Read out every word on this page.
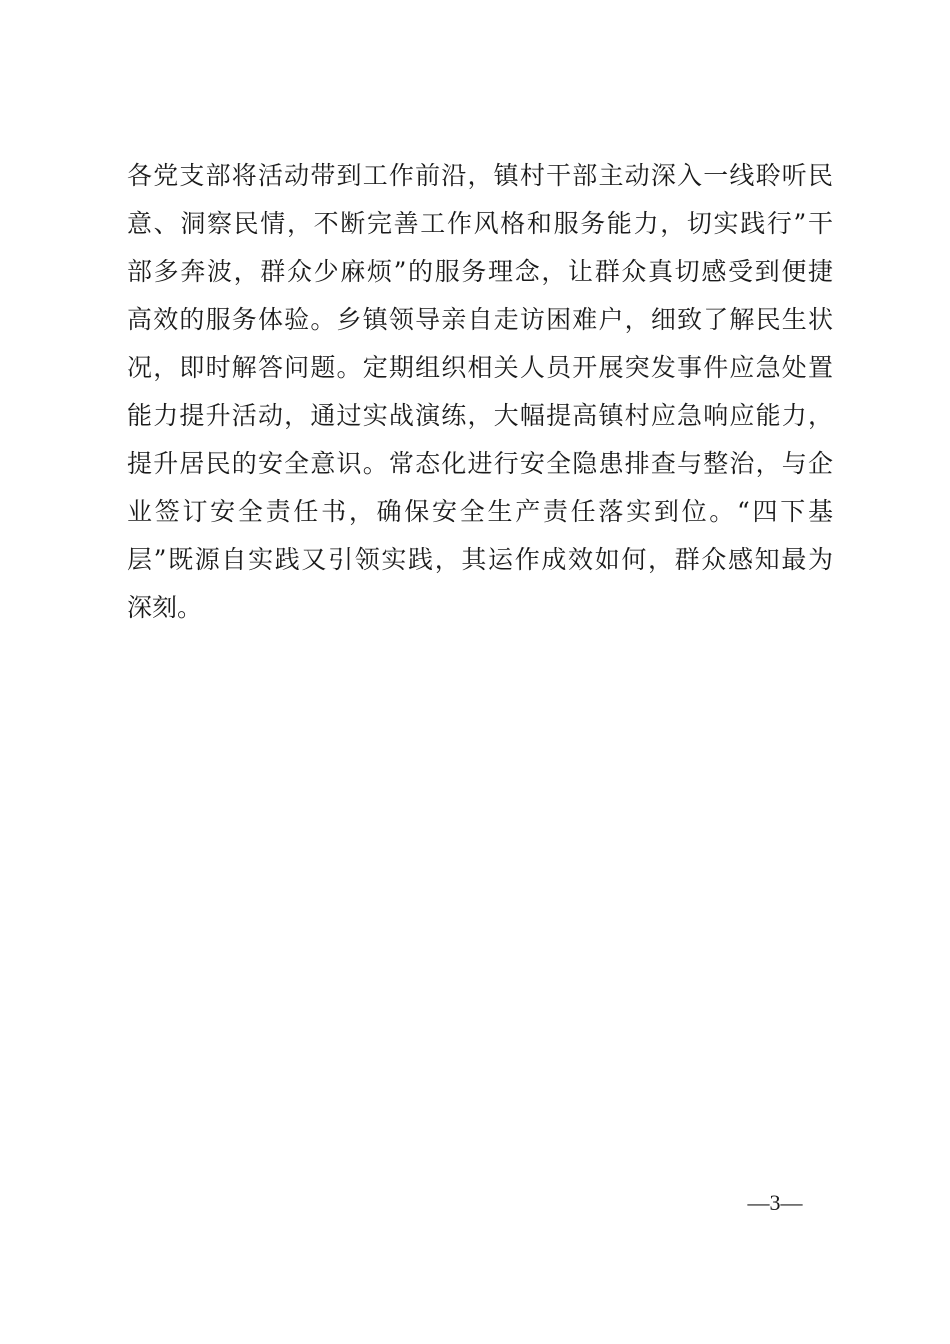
各党支部将活动带到工作前沿，镇村干部主动深入一线聆听民
意、洞察民情，不断完善工作风格和服务能力，切实践行”干
部多奔波，群众少麻烦”的服务理念，让群众真切感受到便捷
高效的服务体验。乡镇领导亲自走访困难户，细致了解民生状
况，即时解答问题。定期组织相关人员开展突发事件应急处置
能力提升活动，通过实战演练，大幅提高镇村应急响应能力，
提升居民的安全意识。常态化进行安全隐患排查与整治，与企
业签订安全责任书，确保安全生产责任落实到位。“四下基
层”既源自实践又引领实践，其运作成效如何，群众感知最为
深刻。
—3—
